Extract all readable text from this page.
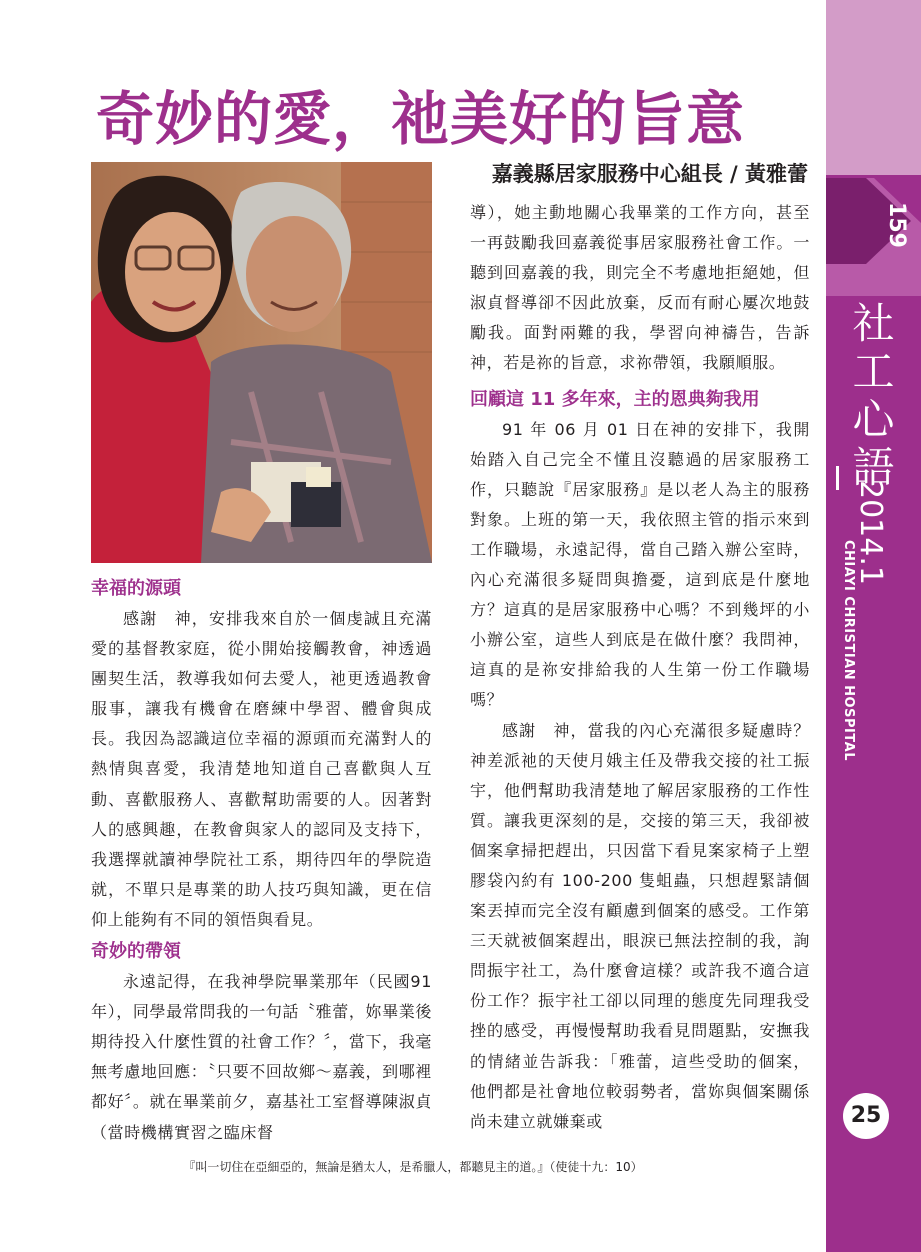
159
社
工
心
語
2014.1
25
奇妙的愛，祂美好的旨意
嘉義縣居家服務中心組長 / 黃雅蕾
幸福的源頭
感謝　神，安排我來自於一個虔誠且充滿愛的基督教家庭，從小開始接觸教會，神透過團契生活，教導我如何去愛人，祂更透過教會服事，讓我有機會在磨練中學習、體會與成長。我因為認識這位幸福的源頭而充滿對人的熱情與喜愛，我清楚地知道自己喜歡與人互動、喜歡服務人、喜歡幫助需要的人。因著對人的感興趣，在教會與家人的認同及支持下，我選擇就讀神學院社工系，期待四年的學院造就，不單只是專業的助人技巧與知識，更在信仰上能夠有不同的領悟與看見。
奇妙的帶領
永遠記得，在我神學院畢業那年（民國91 年），同學最常問我的一句話〝雅蕾，妳畢業後期待投入什麼性質的社會工作？〞，當下，我毫無考慮地回應：〝只要不回故鄉～嘉義，到哪裡都好〞。就在畢業前夕，嘉基社工室督導陳淑貞（當時機構實習之臨床督
導），她主動地關心我畢業的工作方向，甚至一再鼓勵我回嘉義從事居家服務社會工作。一聽到回嘉義的我，則完全不考慮地拒絕她，但淑貞督導卻不因此放棄，反而有耐心屢次地鼓勵我。面對兩難的我，學習向神禱告，告訴 神，若是祢的旨意，求祢帶領，我願順服。
回顧這 11 多年來，主的恩典夠我用
91 年 06 月 01 日在神的安排下，我開始踏入自己完全不懂且沒聽過的居家服務工作，只聽說『居家服務』是以老人為主的服務對象。上班的第一天，我依照主管的指示來到工作職場，永遠記得，當自己踏入辦公室時，內心充滿很多疑問與擔憂，這到底是什麼地方？這真的是居家服務中心嗎？不到幾坪的小小辦公室，這些人到底是在做什麼？我問神，這真的是祢安排給我的人生第一份工作職場嗎？
感謝　神，當我的內心充滿很多疑慮時？神差派祂的天使月娥主任及帶我交接的社工振宇，他們幫助我清楚地了解居家服務的工作性質。讓我更深刻的是，交接的第三天，我卻被個案拿掃把趕出，只因當下看見案家椅子上塑膠袋內約有 100-200 隻蛆蟲，只想趕緊請個案丟掉而完全沒有顧慮到個案的感受。工作第三天就被個案趕出，眼淚已無法控制的我，詢問振宇社工，為什麼會這樣？或許我不適合這份工作？振宇社工卻以同理的態度先同理我受挫的感受，再慢慢幫助我看見問題點，安撫我的情緒並告訴我：「雅蕾，這些受助的個案，他們都是社會地位較弱勢者，當妳與個案關係尚未建立就嫌棄或
『叫一切住在亞細亞的，無論是猶太人，是希臘人，都聽見主的道。』（使徒十九：10）
